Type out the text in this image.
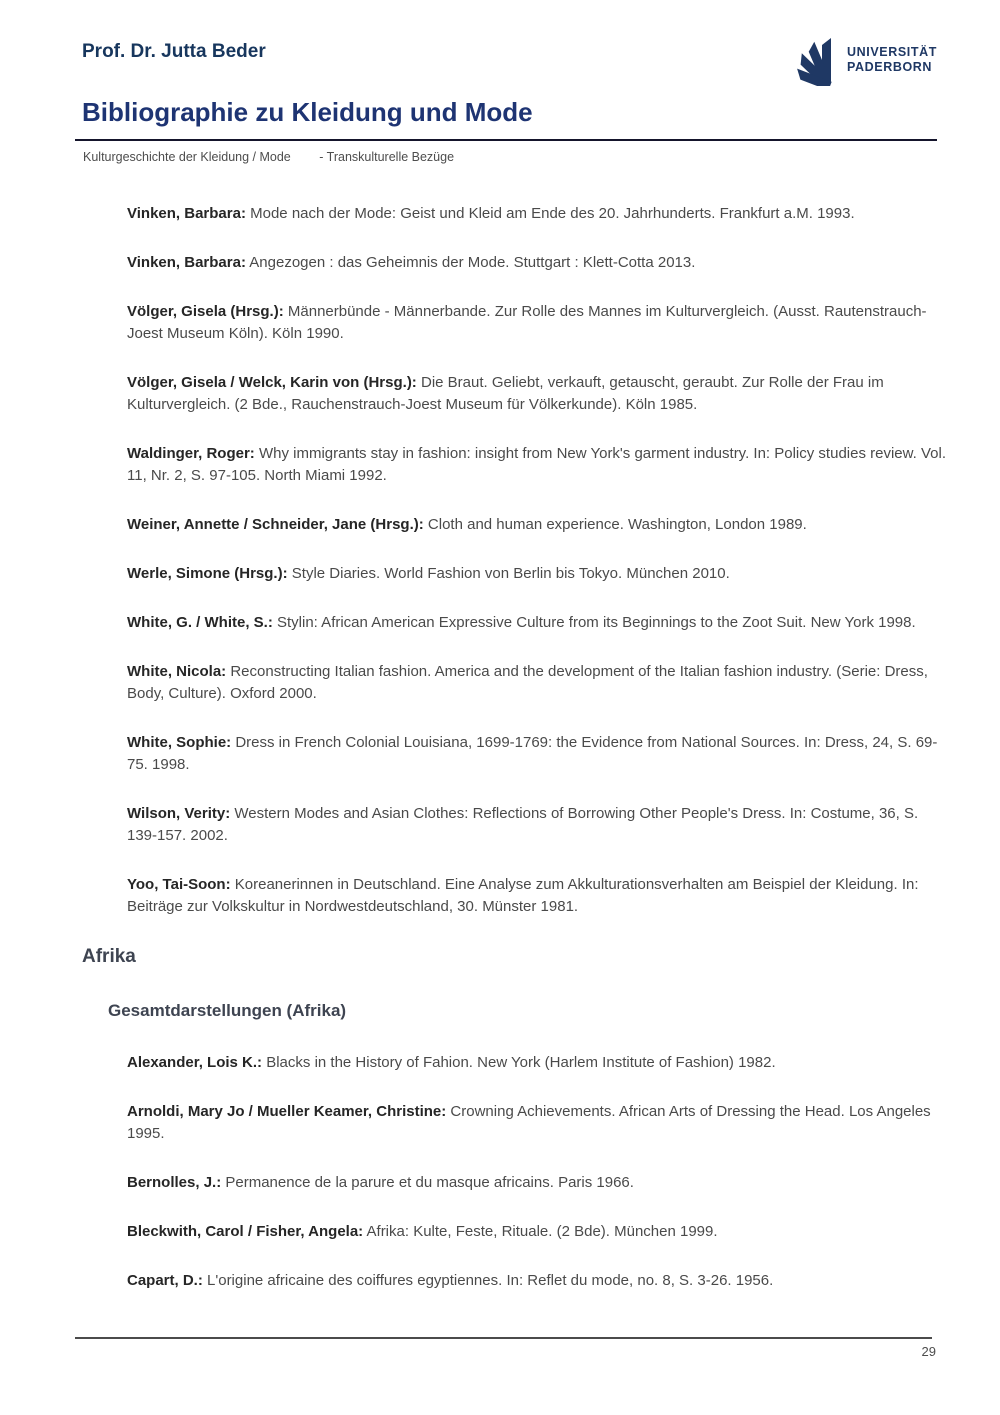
Prof. Dr. Jutta Beder	UNIVERSITÄT
PADERBORN
Bibliographie zu Kleidung und Mode
Kulturgeschichte der Kleidung / Mode - Transkulturelle Bezüge

Vinken, Barbara: Mode nach der Mode: Geist und Kleid am Ende des 20. Jahrhunderts. Frankfurt a.M. 1993.

Vinken, Barbara: Angezogen : das Geheimnis der Mode. Stuttgart : Klett-Cotta 2013.

Völger, Gisela (Hrsg.): Männerbünde - Männerbande. Zur Rolle des Mannes im Kulturvergleich. (Ausst. Rautenstrauch-Joest Museum Köln). Köln 1990.

Völger, Gisela / Welck, Karin von (Hrsg.): Die Braut. Geliebt, verkauft, getauscht, geraubt. Zur Rolle der Frau im Kulturvergleich. (2 Bde., Rauchenstrauch-Joest Museum für Völkerkunde). Köln 1985.

Waldinger, Roger: Why immigrants stay in fashion: insight from New York's garment industry. In: Policy studies review. Vol. 11, Nr. 2, S. 97-105. North Miami 1992.

Weiner, Annette / Schneider, Jane (Hrsg.): Cloth and human experience. Washington, London 1989.

Werle, Simone (Hrsg.): Style Diaries. World Fashion von Berlin bis Tokyo. München 2010.

White, G. / White, S.: Stylin: African American Expressive Culture from its Beginnings to the Zoot Suit. New York 1998.

White, Nicola: Reconstructing Italian fashion. America and the development of the Italian fashion industry. (Serie: Dress, Body, Culture). Oxford 2000.

White, Sophie: Dress in French Colonial Louisiana, 1699-1769: the Evidence from National Sources. In: Dress, 24, S. 69-75. 1998.

Wilson, Verity: Western Modes and Asian Clothes: Reflections of Borrowing Other People's Dress. In: Costume, 36, S. 139-157. 2002.

Yoo, Tai-Soon: Koreanerinnen in Deutschland. Eine Analyse zum Akkulturationsverhalten am Beispiel der Kleidung. In: Beiträge zur Volkskultur in Nordwestdeutschland, 30. Münster 1981.

Afrika
Gesamtdarstellungen (Afrika)

Alexander, Lois K.: Blacks in the History of Fahion. New York (Harlem Institute of Fashion) 1982.

Arnoldi, Mary Jo / Mueller Keamer, Christine: Crowning Achievements. African Arts of Dressing the Head. Los Angeles 1995.

Bernolles, J.: Permanence de la parure et du masque africains. Paris 1966.

Bleckwith, Carol / Fisher, Angela: Afrika: Kulte, Feste, Rituale. (2 Bde). München 1999.

Capart, D.: L'origine africaine des coiffures egyptiennes. In: Reflet du mode, no. 8, S. 3-26. 1956.

29
